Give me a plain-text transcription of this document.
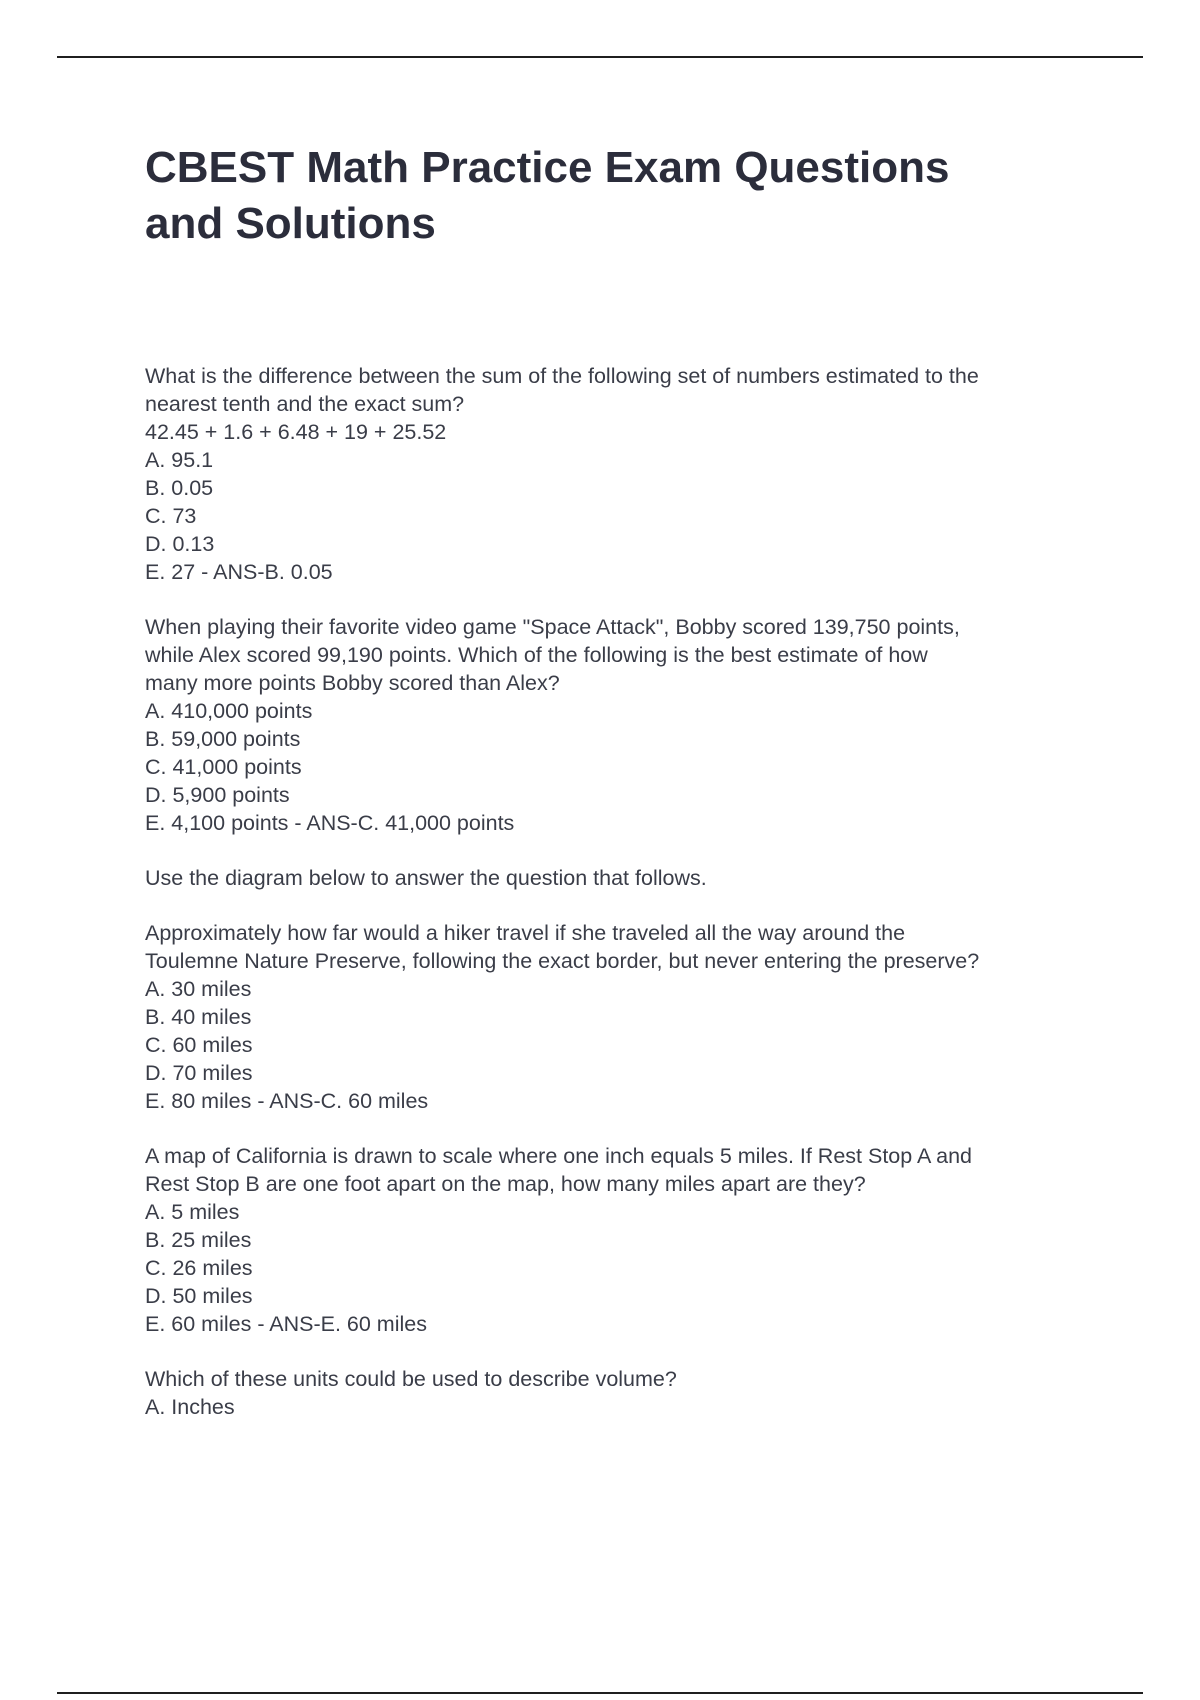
CBEST Math Practice Exam Questions
and Solutions

What is the difference between the sum of the following set of numbers estimated to the

nearest tenth and the exact sum?

42.45 + 1.6 + 6.48 + 19 + 25.52

A. 95.1
B. 0.05
C. 73
D. 0.13
E. 27 - ANS-B. 0.05

When playing their favorite video game "Space Attack", Bobby scored 139,750 points,

while Alex scored 99,190 points. Which of the following is the best estimate of how

many more points Bobby scored than Alex?

A. 410,000 points
B. 59,000 points
C. 41,000 points
D. 5,900 points
E. 4,100 points - ANS-C. 41,000 points

Use the diagram below to answer the question that follows.

Approximately how far would a hiker travel if she traveled all the way around the

Toulemne Nature Preserve, following the exact border, but never entering the preserve?

A. 30 miles
B. 40 miles
C. 60 miles
D. 70 miles
E. 80 miles - ANS-C. 60 miles

A map of California is drawn to scale where one inch equals 5 miles. If Rest Stop A and

Rest Stop B are one foot apart on the map, how many miles apart are they?

A. 5 miles
B. 25 miles
C. 26 miles
D. 50 miles
E. 60 miles - ANS-E. 60 miles

Which of these units could be used to describe volume?

A. Inches
